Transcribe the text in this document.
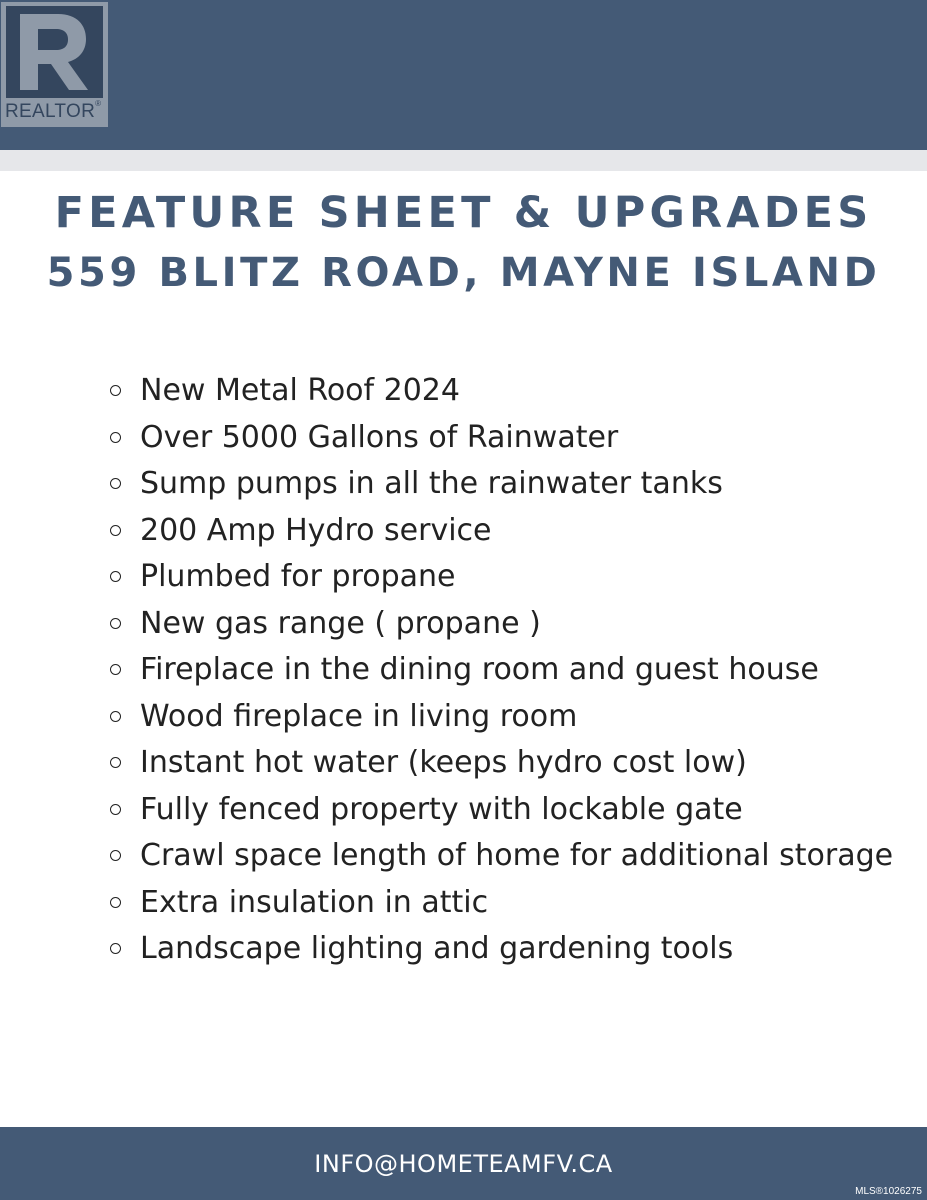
REALTOR®
FEATURE SHEET & UPGRADES
559 BLITZ ROAD, MAYNE ISLAND
New Metal Roof 2024
Over 5000 Gallons of Rainwater
Sump pumps in all the rainwater tanks
200 Amp Hydro service
Plumbed for propane
New gas range ( propane )
Fireplace in the dining room and guest house
Wood fireplace in living room
Instant hot water (keeps hydro cost low)
Fully fenced property with lockable gate
Crawl space length of home for additional storage
Extra insulation in attic
Landscape lighting and gardening tools
INFO@HOMETEAMFV.CA
MLS®1026275
